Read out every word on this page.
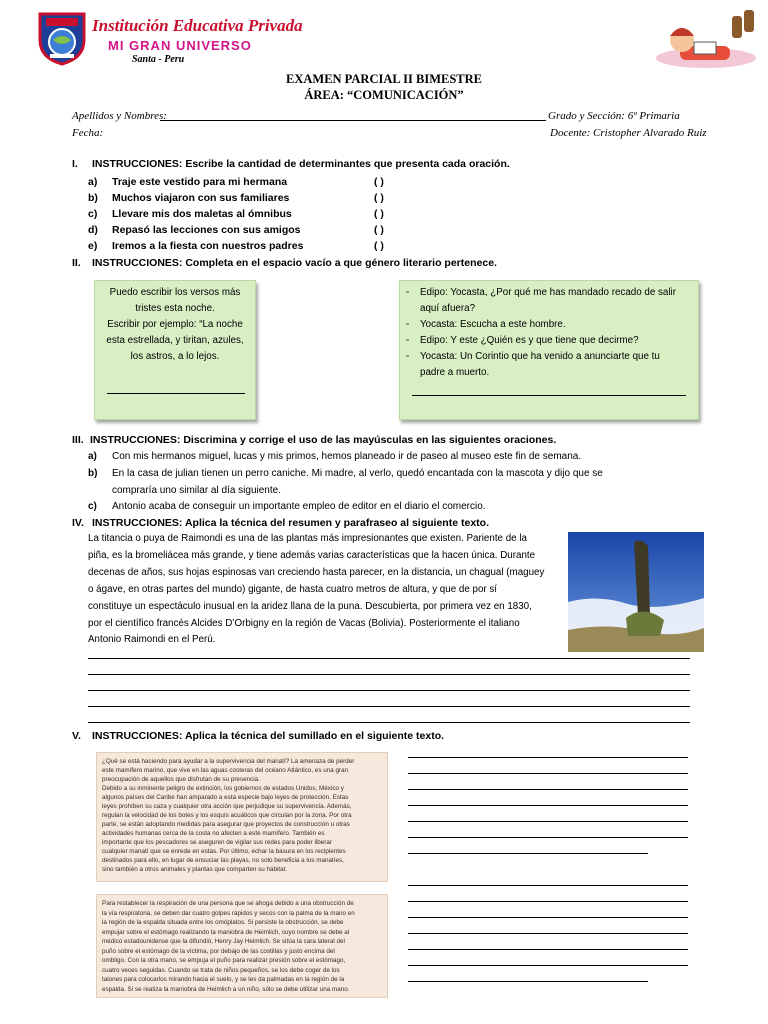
Institución Educativa Privada
MI GRAN UNIVERSO
Santa - Peru
EXAMEN PARCIAL II BIMESTRE
ÁREA: “COMUNICACIÓN”
Apellidos y Nombres:	Grado y Sección: 6º Primaria
Fecha:	Docente: Cristopher Alvarado Ruiz
I. INSTRUCCIONES: Escribe la cantidad de determinantes que presenta cada oración.
a) Traje este vestido para mi hermana	( )
b) Muchos viajaron con sus familiares	( )
c) Llevare mis dos maletas al ómnibus	( )
d) Repasó las lecciones con sus amigos	( )
e) Iremos a la fiesta con nuestros padres	( )
II. INSTRUCCIONES: Completa en el espacio vacío a que género literario pertenece.
Puedo escribir los versos más
tristes esta noche.
Escribir por ejemplo: “La noche
esta estrellada, y tiritan, azules,
los astros, a lo lejos.
- Edipo: Yocasta, ¿Por qué me has mandado recado de salir
aquí afuera?
- Yocasta: Escucha a este hombre.
- Edipo: Y este ¿Quién es y que tiene que decirme?
- Yocasta: Un Corintio que ha venido a anunciarte que tu
padre a muerto.
III. INSTRUCCIONES: Discrimina y corrige el uso de las mayúsculas en las siguientes oraciones.
a) Con mis hermanos miguel, lucas y mis primos, hemos planeado ir de paseo al museo este fin de semana.
b) En la casa de julian tienen un perro caniche. Mi madre, al verlo, quedó encantada con la mascota y dijo que se
compraría uno similar al día siguiente.
c) Antonio acaba de conseguir un importante empleo de editor en el diario el comercio.
IV. INSTRUCCIONES: Aplica la técnica del resumen y parafraseo al siguiente texto.
La titancia o puya de Raimondi es una de las plantas más impresionantes que existen. Pariente de la
piña, es la bromeliácea más grande, y tiene además varias características que la hacen única. Durante
decenas de años, sus hojas espinosas van creciendo hasta parecer, en la distancia, un chagual (maguey
o ágave, en otras partes del mundo) gigante, de hasta cuatro metros de altura, y que de por sí
constituye un espectáculo inusual en la aridez llana de la puna. Descubierta, por primera vez en 1830,
por el científico francés Alcides D’Orbigny en la región de Vacas (Bolivia). Posteriormente el italiano
Antonio Raimondi en el Perú.
V. INSTRUCCIONES: Aplica la técnica del sumillado en el siguiente texto.
¿Qué se está haciendo para ayudar a la supervivencia del manatí? La amenaza de perder
este mamífero marino, que vive en las aguas costeras del océano Atlántico, es una gran
preocupación de aquellos que disfrutan de su presencia.
Debido a su inminente peligro de extinción, los gobiernos de estados Unidos, México y
algunos países del Caribe han amparado a esta especie bajo leyes de protección. Estas
leyes prohíben su caza y cualquier otra acción que perjudique su supervivencia. Además,
regulan la velocidad de los botes y los esquís acuáticos que circulan por la zona. Por otra
parte, se están adoptando medidas para asegurar que proyectos de construcción u otras
actividades humanas cerca de la costa no afecten a este mamífero. También es
importante que los pescadores se aseguren de vigilar sus redes para poder liberar
cualquier manatí que se enrede en estas. Por último, echar la basura en los recipientes
destinados para ello, en lugar de ensuciar las playas, no solo beneficia a los manatíes,
sino también a otros animales y plantas que comparten su hábitat.
Para restablecer la respiración de una persona que se ahoga debido a una obstrucción de
la vía respiratoria, se deben dar cuatro golpes rápidos y secos con la palma de la mano en
la región de la espalda situada entre los omóplatos. Si persiste la obstrucción, se debe
empujar sobre el estómago realizando la maniobra de Heimlich, cuyo nombre se debe al
médico estadounidense que la difundió, Henry Jay Heimlich. Se sitúa la cara lateral del
puño sobre el estómago de la víctima, por debajo de las costillas y justo encima del
ombligo. Con la otra mano, se empuja el puño para realizar presión sobre el estómago,
cuatro veces seguidas. Cuando se trata de niños pequeños, se los debe coger de los
talones para colocarlos mirando hacia el suelo, y se les da palmadas en la región de la
espalda. Si se realiza la maniobra de Heimlich a un niño, sólo se debe utilizar una mano.
